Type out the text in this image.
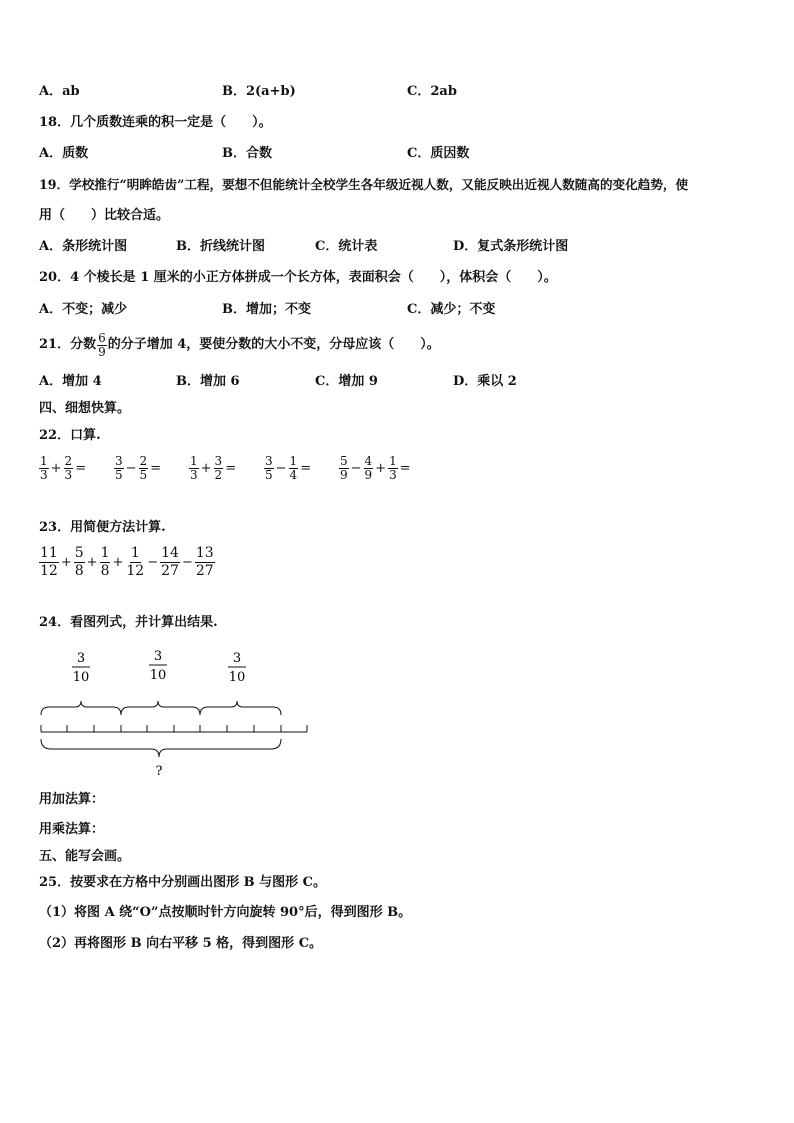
A．ab	B．2(a+b)	C．2ab
18．几个质数连乘的积一定是（　　）。
A．质数	B．合数	C．质因数
19．学校推行“明眸皓齿”工程，要想不但能统计全校学生各年级近视人数，又能反映出近视人数随高的变化趋势，使
用（　　）比较合适。
A．条形统计图	B．折线统计图	C．统计表	D．复式条形统计图
20．4 个棱长是 1 厘米的小正方体拼成一个长方体，表面积会（　　），体积会（　　）。
A．不变；减少	B．增加；不变	C．减少；不变
21．分数 $\frac{6}{9}$ 的分子增加 4，要使分数的大小不变，分母应该（　　）。
A．增加 4	B．增加 6	C．增加 9	D．乘以 2
四、细想快算。
22．口算.
$\frac{1}{3} + \frac{2}{3} = \frac{3}{5} - \frac{2}{5} = \frac{1}{3} + \frac{3}{2} = \frac{3}{5} - \frac{1}{4} = \frac{5}{9} - \frac{4}{9} + \frac{1}{3}$ =
23．用简便方法计算.
$\frac{11}{12} + \frac{5}{8} + \frac{1}{8} + \frac{1}{12} - \frac{14}{27} - \frac{13}{27}$
24．看图列式，并计算出结果.
3
10
3
10
3
10
?
用加法算：
用乘法算：
五、能写会画。
25．按要求在方格中分别画出图形 B 与图形 C。
（1）将图 A 绕“O”点按顺时针方向旋转 90°后，得到图形 B。
（2）再将图形 B 向右平移 5 格，得到图形 C。
